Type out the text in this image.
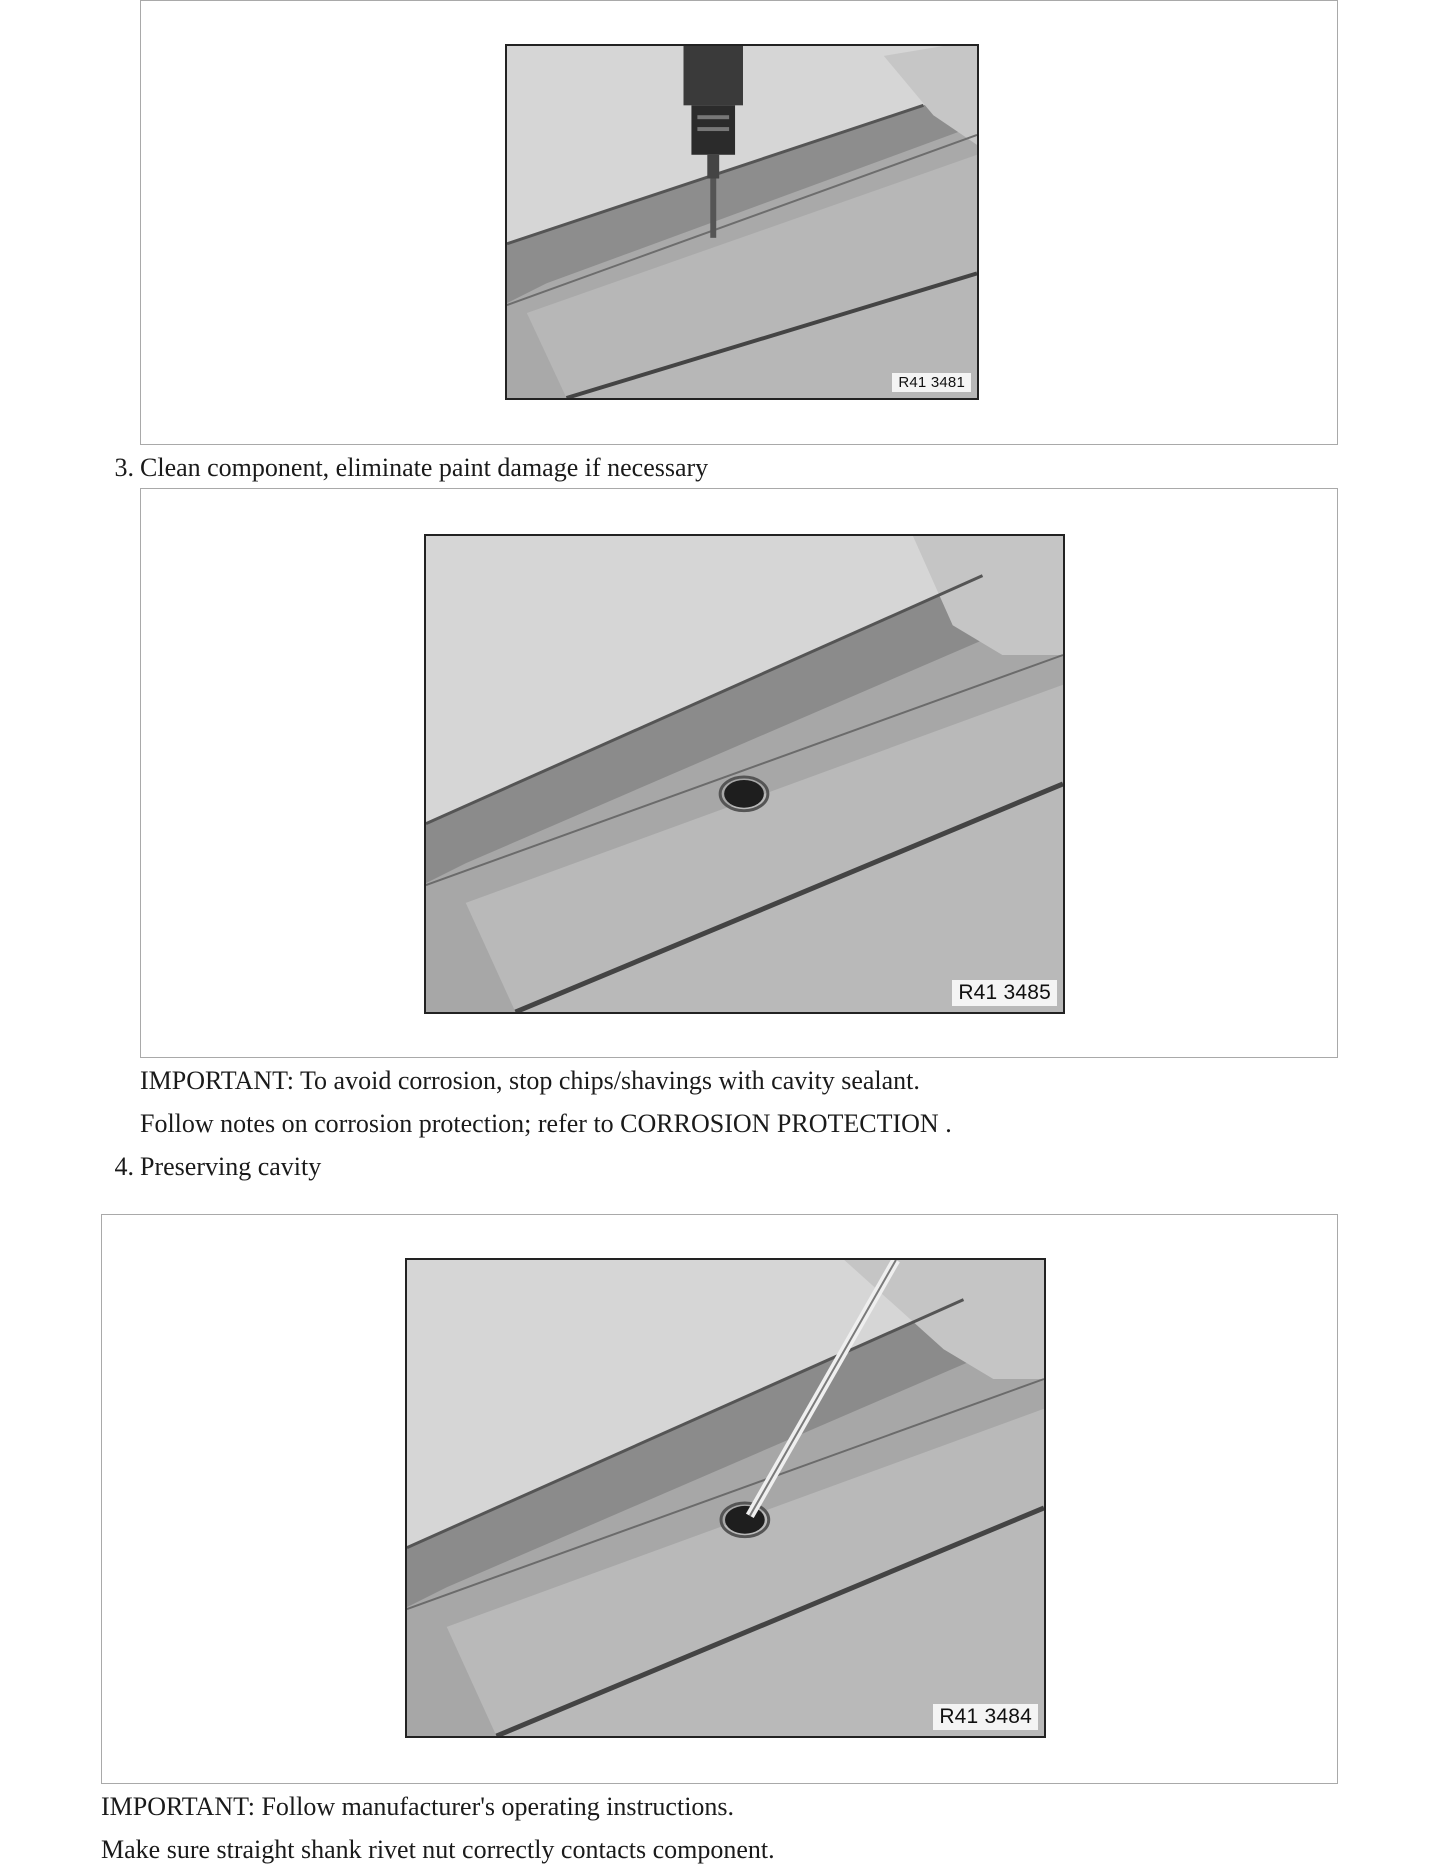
R41 3481
3. Clean component, eliminate paint damage if necessary
R41 3485
IMPORTANT: To avoid corrosion, stop chips/shavings with cavity sealant.
Follow notes on corrosion protection; refer to CORROSION PROTECTION .
4. Preserving cavity
R41 3484
IMPORTANT: Follow manufacturer's operating instructions.
Make sure straight shank rivet nut correctly contacts component.
